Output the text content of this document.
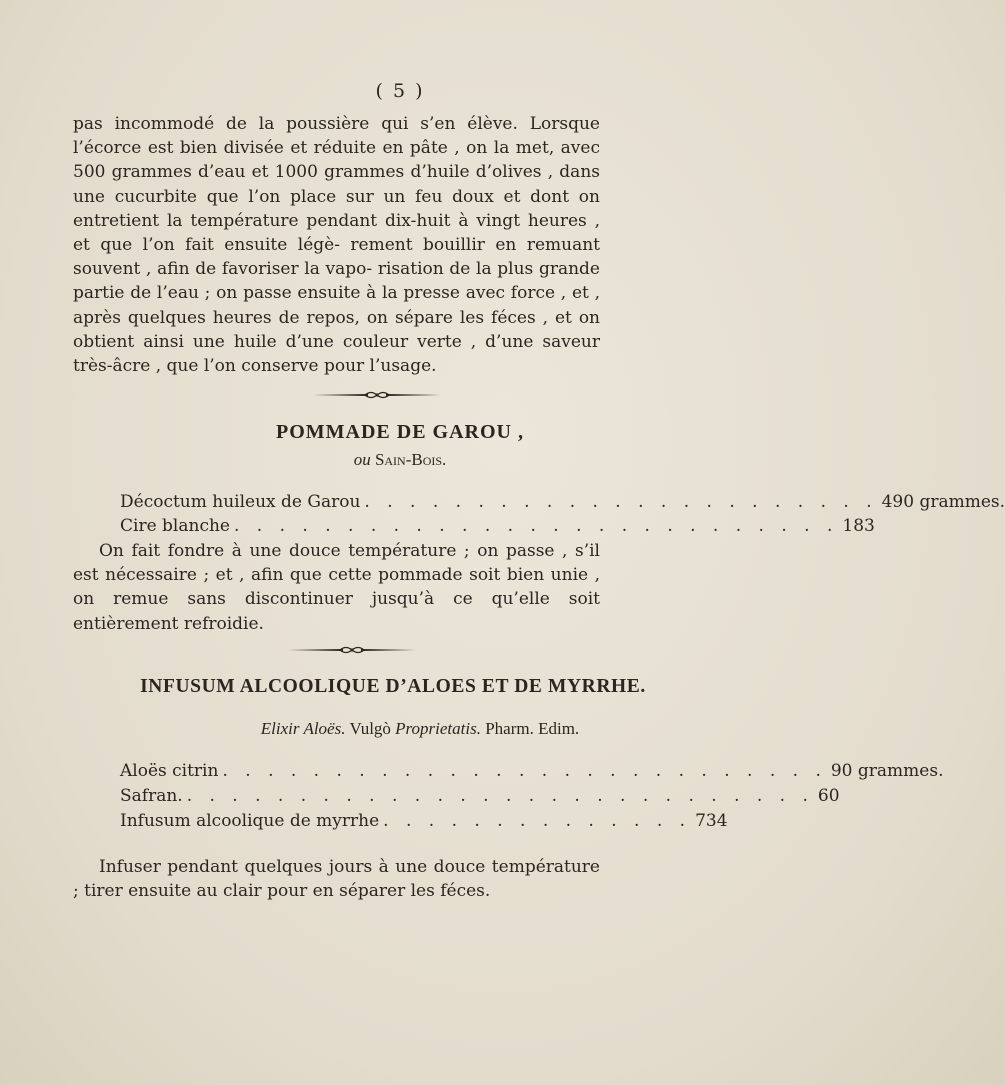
( 5 )
pas incommodé de la poussière qui s’en élève. Lorsque l’écorce est bien divisée et réduite en pâte , on la met, avec 500 grammes d’eau et 1000 grammes d’huile d’olives , dans une cucurbite que l’on place sur un feu doux et dont on entretient la température pendant dix-huit à vingt heures , et que l’on fait ensuite légè- rement bouillir en remuant souvent , afin de favoriser la vapo- risation de la plus grande partie de l’eau ; on passe ensuite à la presse avec force , et , après quelques heures de repos, on sépare les féces , et on obtient ainsi une huile d’une couleur verte , d’une saveur très-âcre , que l’on conserve pour l’usage.
POMMADE DE GAROU ,
ou Sain-Bois.
Décoctum huileux de Garou . . . . . . . . . . . . . . . . . . . . . . . 490 grammes.
Cire blanche . . . . . . . . . . . . . . . . . . . . . . . . . . . 183
On fait fondre à une douce température ; on passe , s’il est nécessaire ; et , afin que cette pommade soit bien unie , on remue sans discontinuer jusqu’à ce qu’elle soit entièrement refroidie.
INFUSUM ALCOOLIQUE D’ALOES ET DE MYRRHE.
Elixir Aloës. Vulgò Proprietatis. Pharm. Edim.
Aloës citrin . . . . . . . . . . . . . . . . . . . . . . . . . . . 90 grammes.
Safran. . . . . . . . . . . . . . . . . . . . . . . . . . . . . 60
Infusum alcoolique de myrrhe . . . . . . . . . . . . . . 734
Infuser pendant quelques jours à une douce température ; tirer ensuite au clair pour en séparer les féces.
